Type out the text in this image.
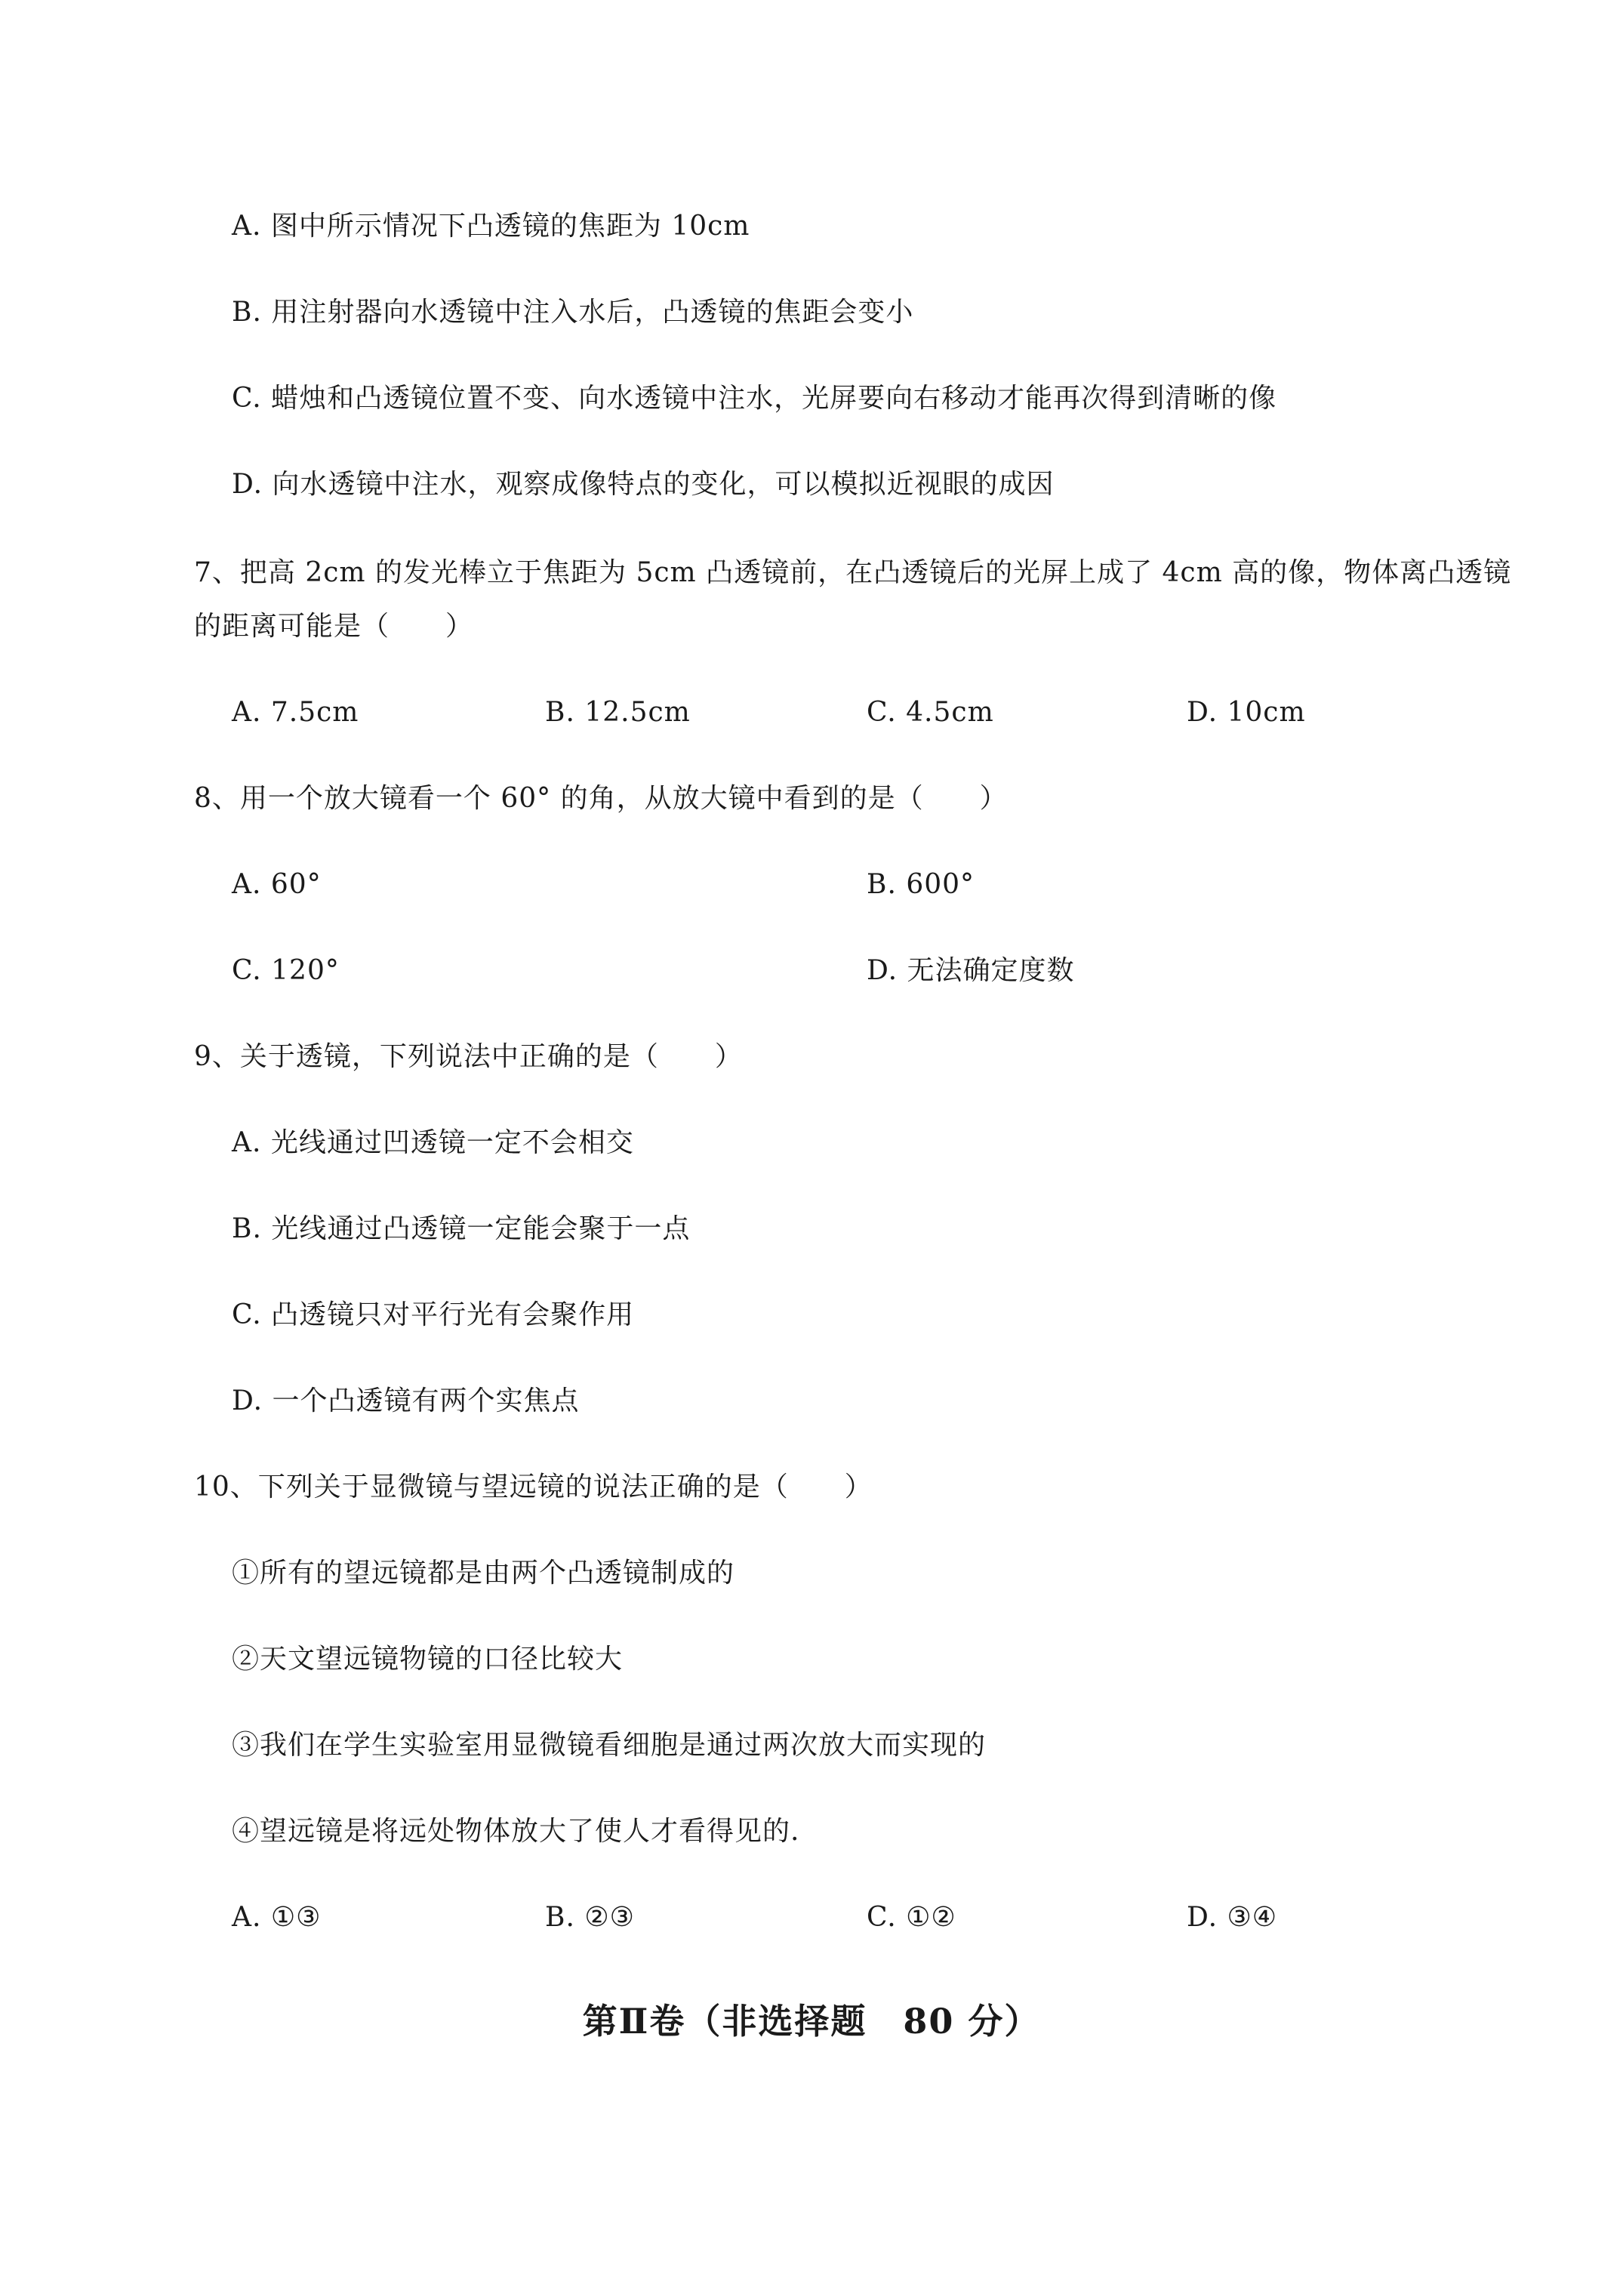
A. 图中所示情况下凸透镜的焦距为 10cm
B. 用注射器向水透镜中注入水后，凸透镜的焦距会变小
C. 蜡烛和凸透镜位置不变、向水透镜中注水，光屏要向右移动才能再次得到清晰的像
D. 向水透镜中注水，观察成像特点的变化，可以模拟近视眼的成因
7、把高 2cm 的发光棒立于焦距为 5cm 凸透镜前，在凸透镜后的光屏上成了 4cm 高的像，物体离凸透镜
的距离可能是（　　）
A. 7.5cm	B. 12.5cm	C. 4.5cm	D. 10cm
8、用一个放大镜看一个 60° 的角，从放大镜中看到的是（　　）
A. 60°	B. 600°
C. 120°	D. 无法确定度数
9、关于透镜，下列说法中正确的是（　　）
A. 光线通过凹透镜一定不会相交
B. 光线通过凸透镜一定能会聚于一点
C. 凸透镜只对平行光有会聚作用
D. 一个凸透镜有两个实焦点
10、下列关于显微镜与望远镜的说法正确的是（　　）
①所有的望远镜都是由两个凸透镜制成的
②天文望远镜物镜的口径比较大
③我们在学生实验室用显微镜看细胞是通过两次放大而实现的
④望远镜是将远处物体放大了使人才看得见的.
A. ①③	B. ②③	C. ①②	D. ③④
第Ⅱ卷（非选择题　80 分）
